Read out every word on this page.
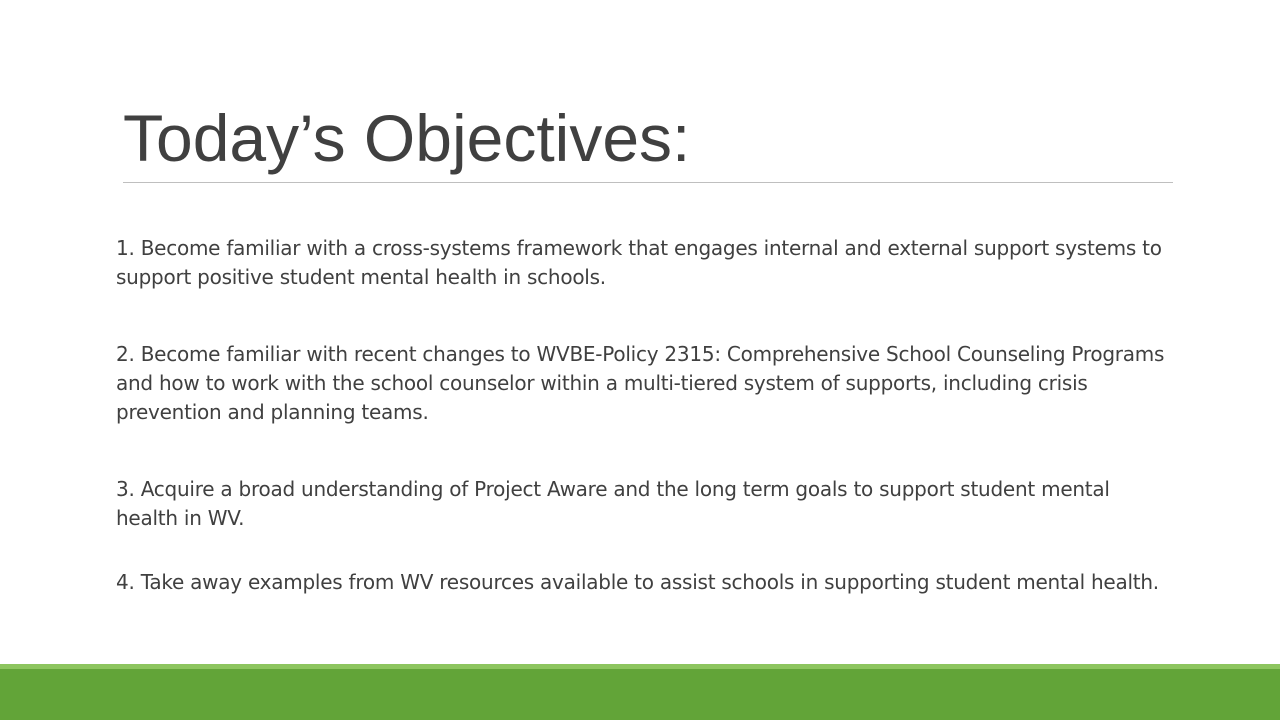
Today’s Objectives:
1. Become familiar with a cross-systems framework that engages internal and external support systems to support positive student mental health in schools.
2. Become familiar with recent changes to WVBE-Policy 2315: Comprehensive School Counseling Programs and how to work with the school counselor within a multi-tiered system of supports, including crisis prevention and planning teams.
3. Acquire a broad understanding of Project Aware and the long term goals to support student mental health in WV.
4. Take away examples from WV resources available to assist schools in supporting student mental health.
